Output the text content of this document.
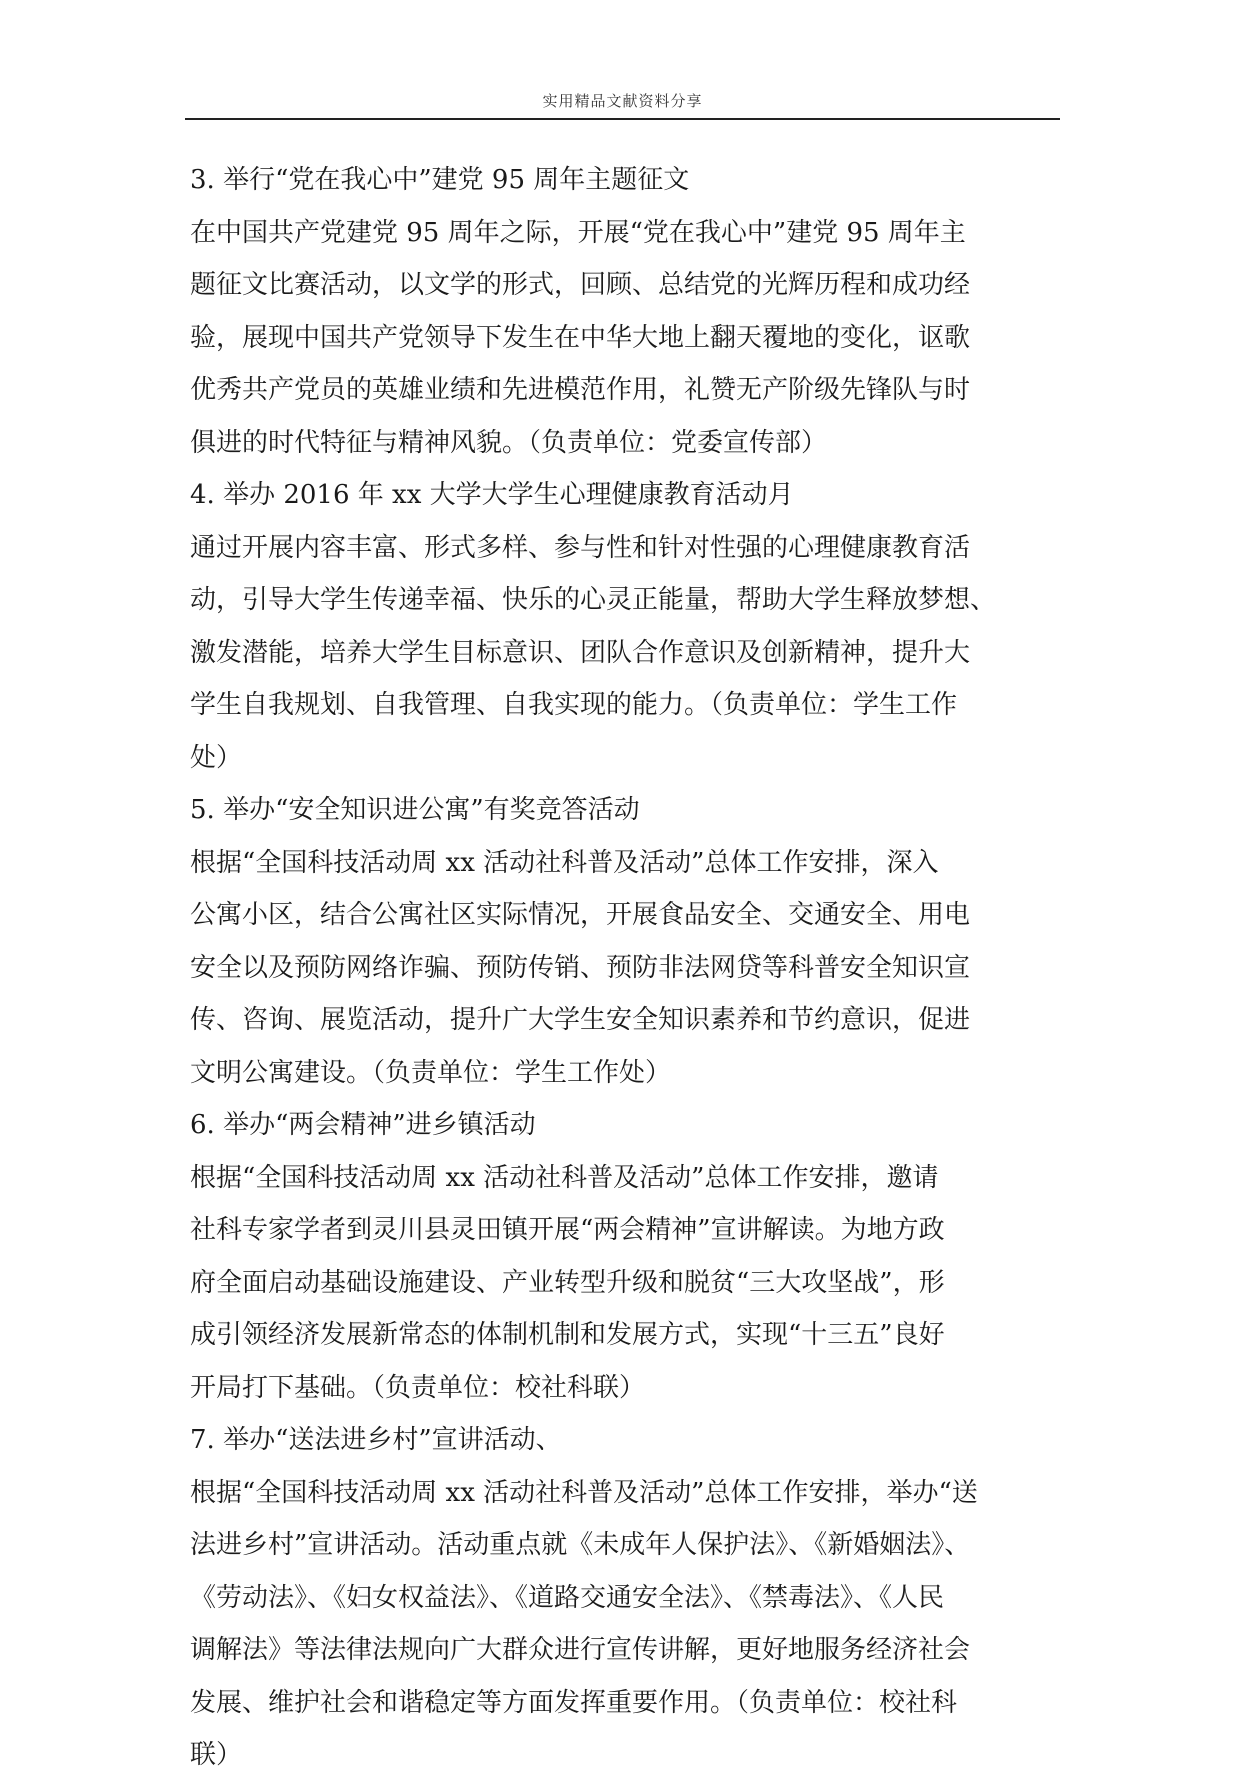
实用精品文献资料分享
3. 举行“党在我心中”建党 95 周年主题征文
在中国共产党建党 95 周年之际，开展“党在我心中”建党 95 周年主
题征文比赛活动，以文学的形式，回顾、总结党的光辉历程和成功经
验，展现中国共产党领导下发生在中华大地上翻天覆地的变化，讴歌
优秀共产党员的英雄业绩和先进模范作用，礼赞无产阶级先锋队与时
俱进的时代特征与精神风貌。（负责单位：党委宣传部）
4. 举办 2016 年 xx 大学大学生心理健康教育活动月
通过开展内容丰富、形式多样、参与性和针对性强的心理健康教育活
动，引导大学生传递幸福、快乐的心灵正能量，帮助大学生释放梦想、
激发潜能，培养大学生目标意识、团队合作意识及创新精神，提升大
学生自我规划、自我管理、自我实现的能力。（负责单位：学生工作
处）
5. 举办“安全知识进公寓”有奖竞答活动
根据“全国科技活动周 xx 活动社科普及活动”总体工作安排，深入
公寓小区，结合公寓社区实际情况，开展食品安全、交通安全、用电
安全以及预防网络诈骗、预防传销、预防非法网贷等科普安全知识宣
传、咨询、展览活动，提升广大学生安全知识素养和节约意识，促进
文明公寓建设。（负责单位：学生工作处）
6. 举办“两会精神”进乡镇活动
根据“全国科技活动周 xx 活动社科普及活动”总体工作安排，邀请
社科专家学者到灵川县灵田镇开展“两会精神”宣讲解读。为地方政
府全面启动基础设施建设、产业转型升级和脱贫“三大攻坚战”，形
成引领经济发展新常态的体制机制和发展方式，实现“十三五”良好
开局打下基础。（负责单位：校社科联）
7. 举办“送法进乡村”宣讲活动、
根据“全国科技活动周 xx 活动社科普及活动”总体工作安排，举办“送
法进乡村”宣讲活动。活动重点就《未成年人保护法》、《新婚姻法》、
《劳动法》、《妇女权益法》、《道路交通安全法》、《禁毒法》、《人民
调解法》等法律法规向广大群众进行宣传讲解，更好地服务经济社会
发展、维护社会和谐稳定等方面发挥重要作用。（负责单位：校社科
联）
